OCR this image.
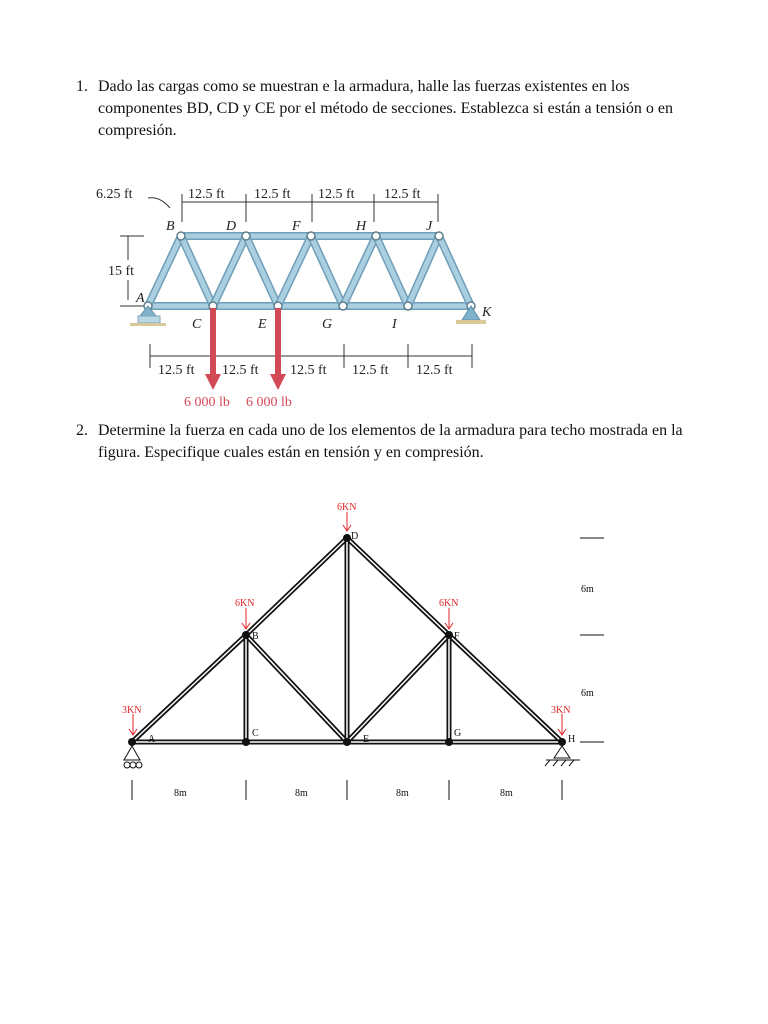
1. Dado las cargas como se muestran e la armadura, halle las fuerzas existentes en los componentes BD, CD y CE por el método de secciones. Establezca si están a tensión o en compresión.
6.25 ft	12.5 ft 12.5 ft 12.5 ft 12.5 ft
15 ft
B	D	F	H	J
A
C	E	G	I
K
12.5 ft 12.5 ft 12.5 ft 12.5 ft 12.5 ft
6 000 lb 6 000 lb
2. Determine la fuerza en cada uno de los elementos de la armadura para techo mostrada en la figura. Especifique cuales están en tensión y en compresión.
A
B
C
D
E
F
G
H
3KN
6KN
6KN
6KN
3KN
8m	8m	8m	8m
6m
6m
